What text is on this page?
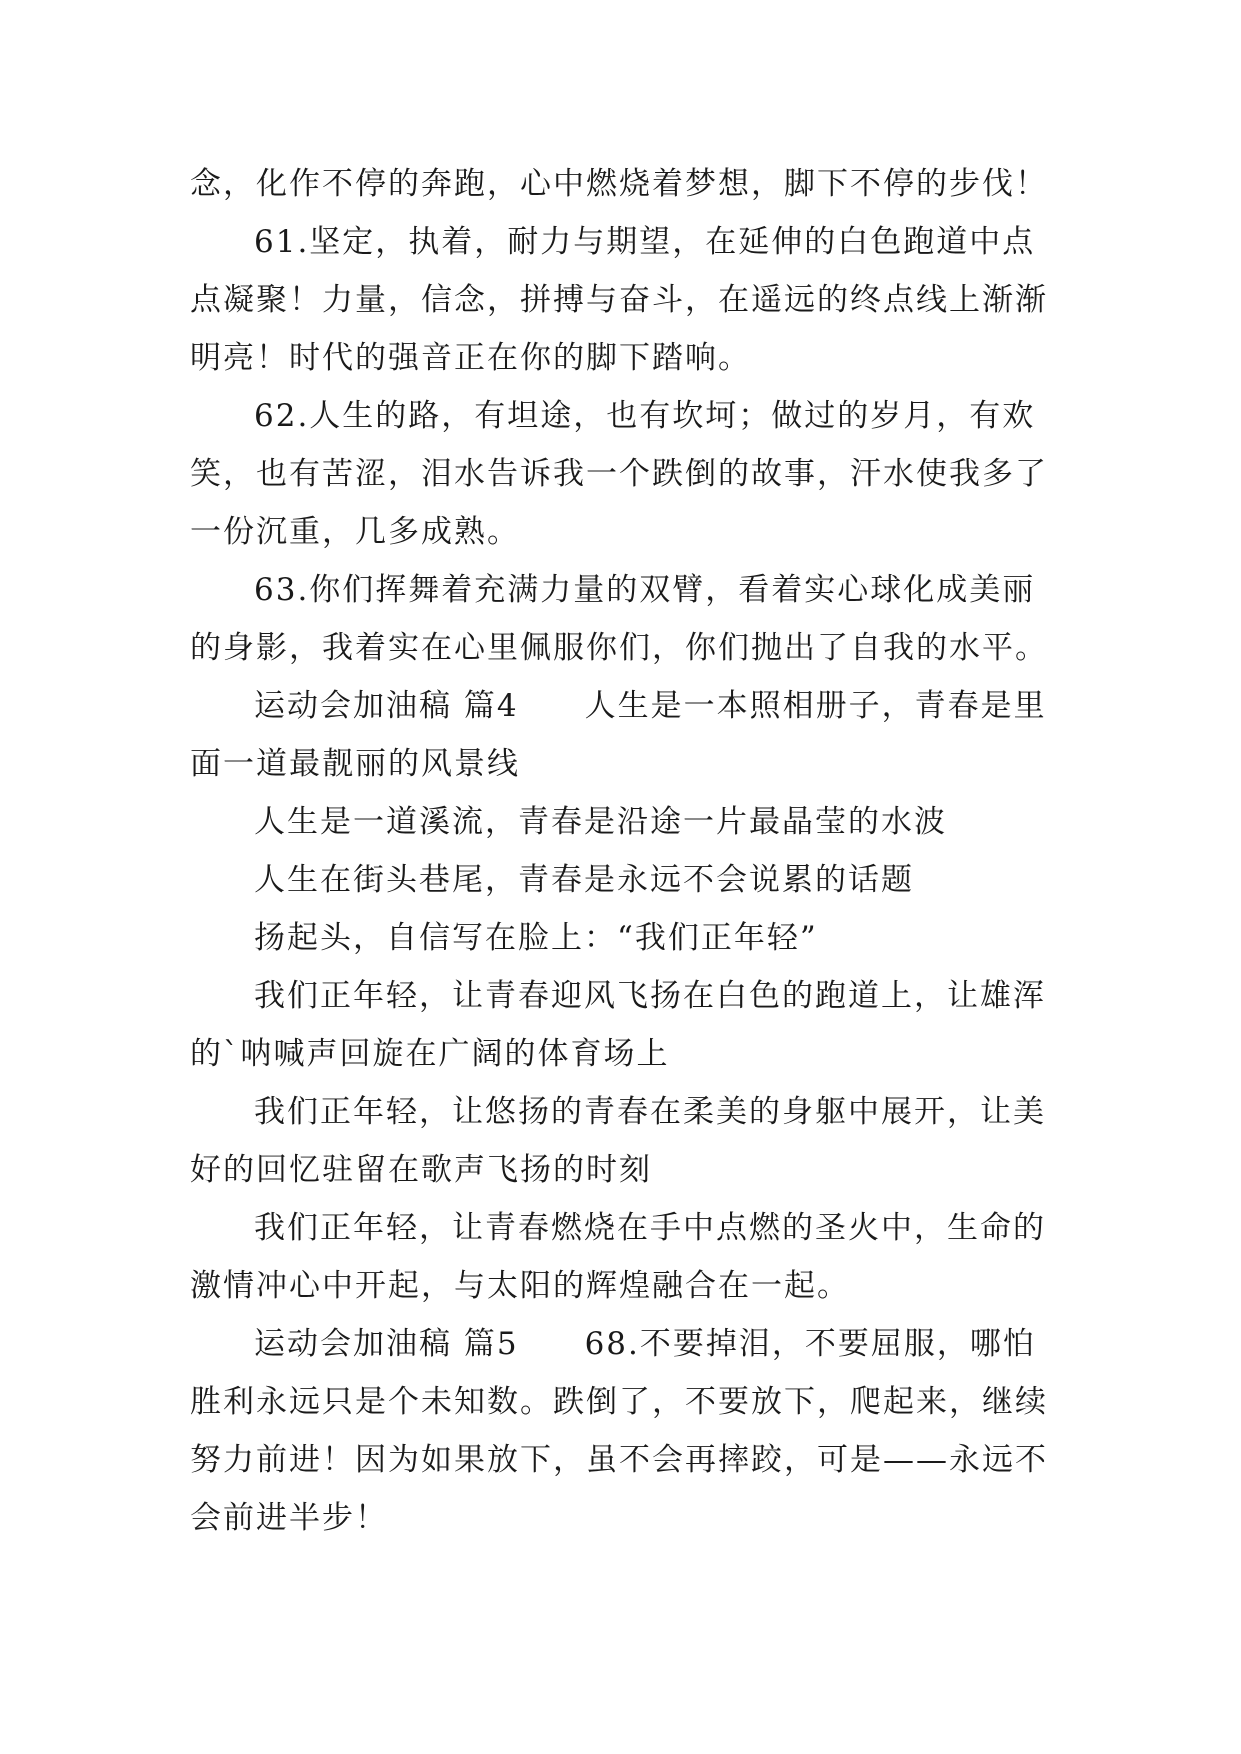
念，化作不停的奔跑，心中燃烧着梦想，脚下不停的步伐！
61.坚定，执着，耐力与期望，在延伸的白色跑道中点
点凝聚！力量，信念，拼搏与奋斗，在遥远的终点线上渐渐
明亮！时代的强音正在你的脚下踏响。
62.人生的路，有坦途，也有坎坷；做过的岁月，有欢
笑，也有苦涩，泪水告诉我一个跌倒的故事，汗水使我多了
一份沉重，几多成熟。
63.你们挥舞着充满力量的双臂，看着实心球化成美丽
的身影，我着实在心里佩服你们，你们抛出了自我的水平。
运动会加油稿 篇4　　人生是一本照相册子，青春是里
面一道最靓丽的风景线
人生是一道溪流，青春是沿途一片最晶莹的水波
人生在街头巷尾，青春是永远不会说累的话题
扬起头，自信写在脸上：“我们正年轻”
我们正年轻，让青春迎风飞扬在白色的跑道上，让雄浑
的`呐喊声回旋在广阔的体育场上
我们正年轻，让悠扬的青春在柔美的身躯中展开，让美
好的回忆驻留在歌声飞扬的时刻
我们正年轻，让青春燃烧在手中点燃的圣火中，生命的
激情冲心中开起，与太阳的辉煌融合在一起。
运动会加油稿 篇5　　68.不要掉泪，不要屈服，哪怕
胜利永远只是个未知数。跌倒了，不要放下，爬起来，继续
努力前进！因为如果放下，虽不会再摔跤，可是——永远不
会前进半步！
